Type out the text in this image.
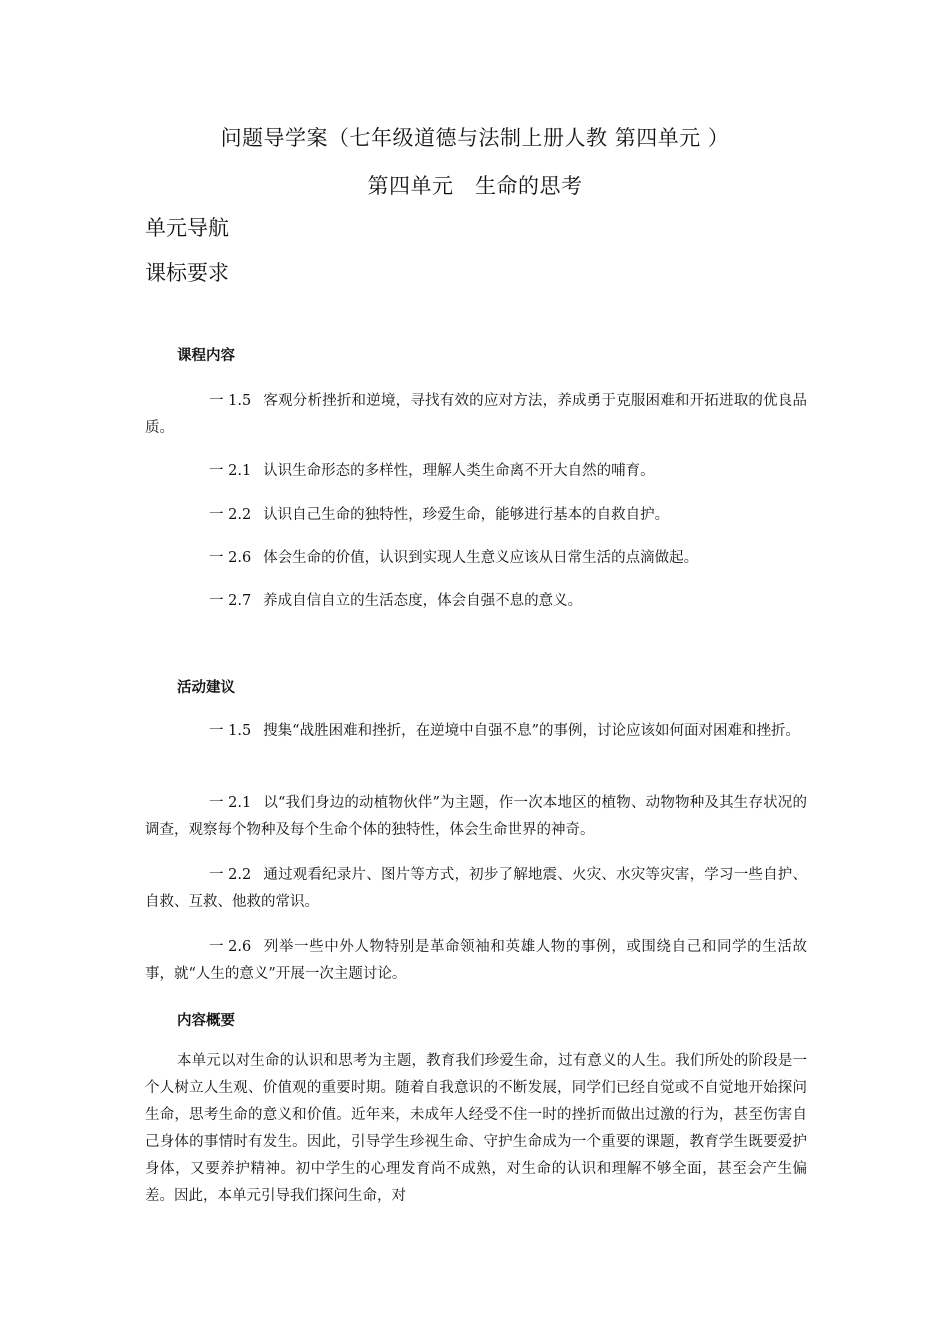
问题导学案（七年级道德与法制上册人教 第四单元 ）
第四单元　生命的思考
单元导航
课标要求

课程内容

一 1.5 客观分析挫折和逆境，寻找有效的应对方法，养成勇于克服困难和开拓进取的优良品质。

一 2.1 认识生命形态的多样性，理解人类生命离不开大自然的哺育。

一 2.2 认识自己生命的独特性，珍爱生命，能够进行基本的自救自护。

一 2.6 体会生命的价值，认识到实现人生意义应该从日常生活的点滴做起。

一 2.7 养成自信自立的生活态度，体会自强不息的意义。

活动建议

一 1.5 搜集“战胜困难和挫折，在逆境中自强不息”的事例，讨论应该如何面对困难和挫折。

一 2.1 以“我们身边的动植物伙伴”为主题，作一次本地区的植物、动物物种及其生存状况的调查，观察每个物种及每个生命个体的独特性，体会生命世界的神奇。

一 2.2 通过观看纪录片、图片等方式，初步了解地震、火灾、水灾等灾害，学习一些自护、自救、互救、他救的常识。

一 2.6 列举一些中外人物特别是革命领袖和英雄人物的事例，或围绕自己和同学的生活故事，就“人生的意义”开展一次主题讨论。

内容概要

本单元以对生命的认识和思考为主题，教育我们珍爱生命，过有意义的人生。我们所处的阶段是一个人树立人生观、价值观的重要时期。随着自我意识的不断发展，同学们已经自觉或不自觉地开始探问生命，思考生命的意义和价值。近年来，未成年人经受不住一时的挫折而做出过激的行为，甚至伤害自己身体的事情时有发生。因此，引导学生珍视生命、守护生命成为一个重要的课题，教育学生既要爱护身体，又要养护精神。初中学生的心理发育尚不成熟，对生命的认识和理解不够全面，甚至会产生偏差。因此，本单元引导我们探问生命，对
